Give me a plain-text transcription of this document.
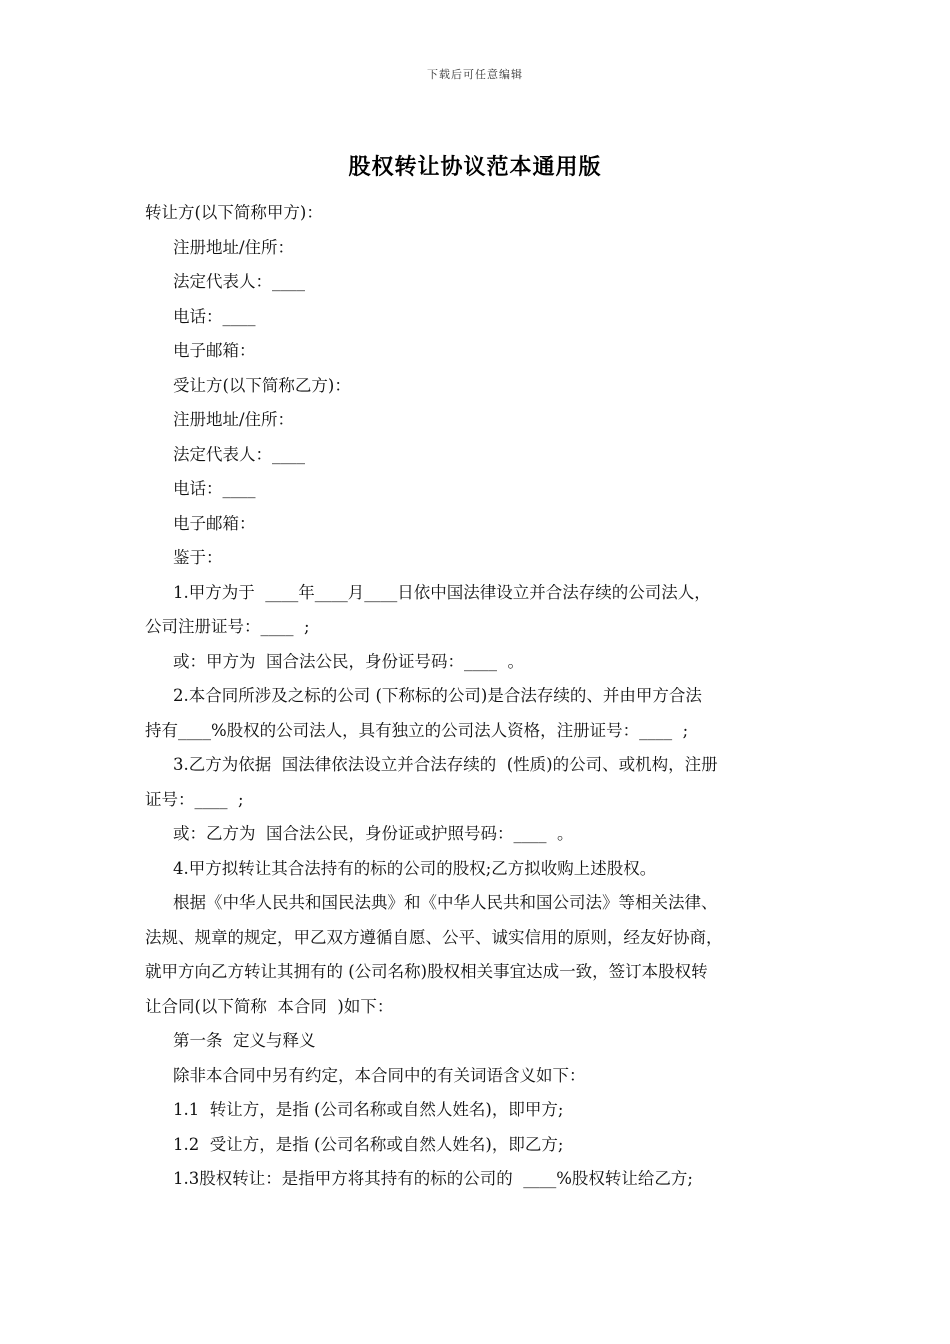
下载后可任意编辑
股权转让协议范本通用版
转让方(以下简称甲方)：
注册地址/住所：
法定代表人：____
电话：____
电子邮箱：
受让方(以下简称乙方)：
注册地址/住所：
法定代表人：____
电话：____
电子邮箱：
鉴于：
1.甲方为于  ____年____月____日依中国法律设立并合法存续的公司法人，
公司注册证号：____  ;
或：甲方为  国合法公民，身份证号码：____  。
2.本合同所涉及之标的公司 (下称标的公司)是合法存续的、并由甲方合法
持有____%股权的公司法人，具有独立的公司法人资格，注册证号：____  ;
3.乙方为依据  国法律依法设立并合法存续的  (性质)的公司、或机构，注册
证号：____  ;
或：乙方为  国合法公民，身份证或护照号码：____  。
4.甲方拟转让其合法持有的标的公司的股权;乙方拟收购上述股权。
根据《中华人民共和国民法典》和《中华人民共和国公司法》等相关法律、
法规、规章的规定，甲乙双方遵循自愿、公平、诚实信用的原则，经友好协商，
就甲方向乙方转让其拥有的 (公司名称)股权相关事宜达成一致，签订本股权转
让合同(以下简称  本合同  )如下：
第一条  定义与释义
除非本合同中另有约定，本合同中的有关词语含义如下：
1.1  转让方，是指 (公司名称或自然人姓名)，即甲方;
1.2  受让方，是指 (公司名称或自然人姓名)，即乙方;
1.3股权转让：是指甲方将其持有的标的公司的  ____%股权转让给乙方;
